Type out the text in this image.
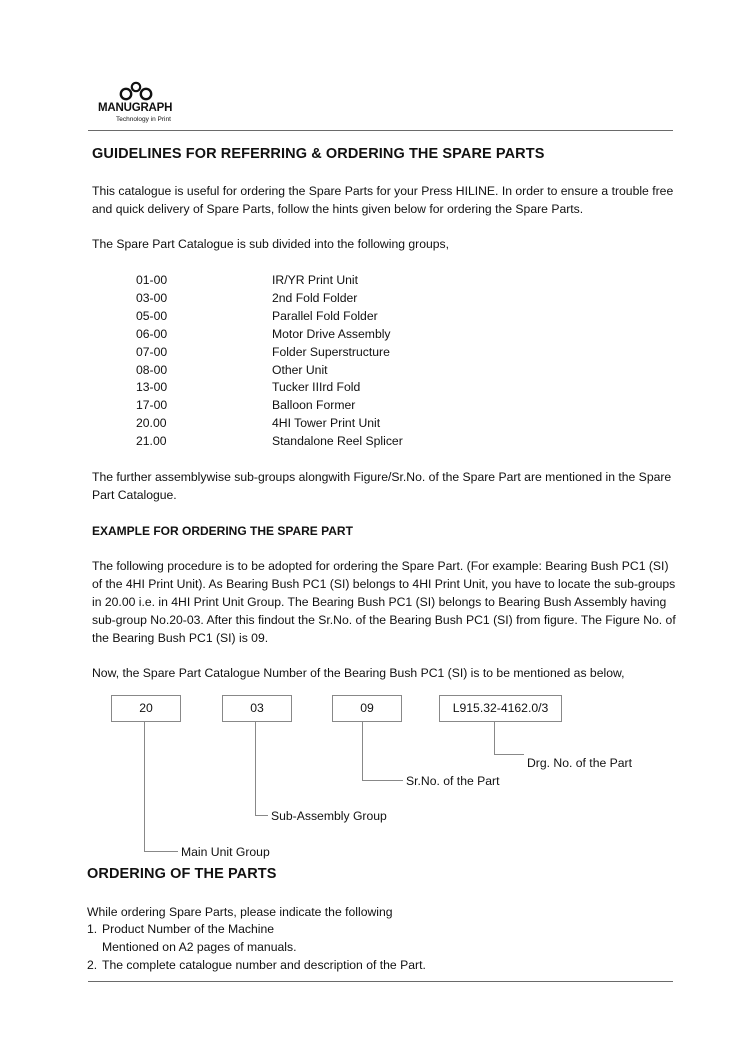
MANUGRAPH
Technology in Print
GUIDELINES FOR REFERRING & ORDERING THE SPARE PARTS
This catalogue is useful for ordering the Spare Parts for your Press HILINE. In order to ensure a trouble free
and quick delivery of Spare Parts, follow the hints given below for ordering the Spare Parts.
The Spare Part Catalogue is sub divided into the following groups,
01-00	IR/YR Print Unit
03-00	2nd Fold Folder
05-00	Parallel Fold Folder
06-00	Motor Drive Assembly
07-00	Folder Superstructure
08-00	Other Unit
13-00	Tucker IIIrd Fold
17-00	Balloon Former
20.00	4HI Tower Print Unit
21.00	Standalone Reel Splicer
The further assemblywise sub-groups alongwith Figure/Sr.No. of the Spare Part are mentioned in the Spare
Part Catalogue.
EXAMPLE FOR ORDERING THE SPARE PART
The following procedure is to be adopted for ordering the Spare Part. (For example: Bearing Bush PC1 (SI)
of the 4HI Print Unit). As Bearing Bush PC1 (SI) belongs to 4HI Print Unit, you have to locate the sub-groups
in 20.00 i.e. in 4HI Print Unit Group. The Bearing Bush PC1 (SI) belongs to Bearing Bush Assembly having
sub-group No.20-03. After this findout the Sr.No. of the Bearing Bush PC1 (SI) from figure. The Figure No. of
the Bearing Bush PC1 (SI) is 09.
Now, the Spare Part Catalogue Number of the Bearing Bush PC1 (SI) is to be mentioned as below,
20	03	09	L915.32-4162.0/3
Drg. No. of the Part
Sr.No. of the Part
Sub-Assembly Group
Main Unit Group
ORDERING OF THE PARTS
While ordering Spare Parts, please indicate the following
1. Product Number of the Machine
Mentioned on A2 pages of manuals.
2. The complete catalogue number and description of the Part.
